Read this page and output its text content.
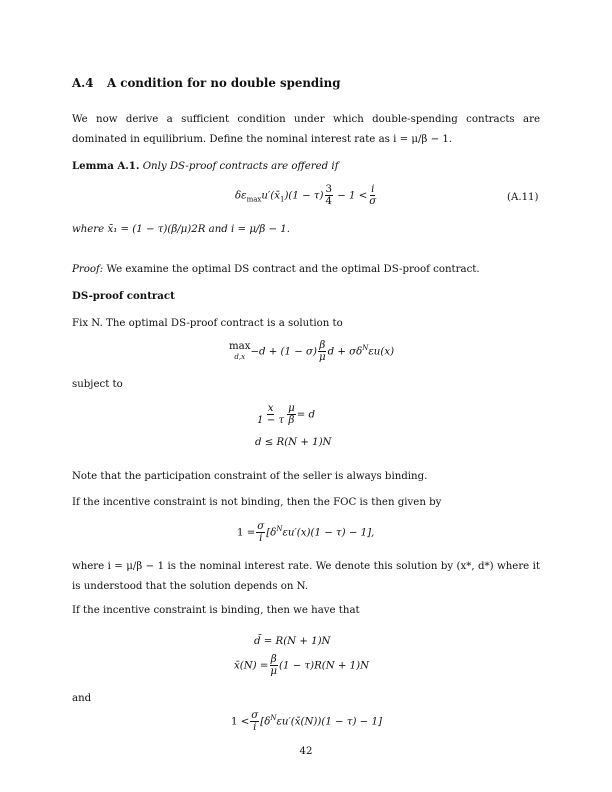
A.4 A condition for no double spending
We now derive a sufficient condition under which double-spending contracts are dominated in equilibrium. Define the nominal interest rate as i = μ/β − 1.
Lemma A.1. Only DS-proof contracts are offered if
$\delta\varepsilon_{max}u'(x̄_1)(1 - \tau) \frac{3}{4} - 1 < \frac{i}{\sigma}$	(A.11)
where x̄₁ = (1 − τ)(β/μ)2R and i = μ/β − 1.
Proof: We examine the optimal DS contract and the optimal DS-proof contract.
DS-proof contract
Fix N. The optimal DS-proof contract is a solution to
max
$d,x -d + (1 - \sigma) \frac{\beta}{\mu}$ $d + \sigma\delta^N\varepsilon u(x)$
subject to
$\frac{x}{1 - \tau} \frac{\mu}{\beta} = d$
d ≤ R(N + 1)N
Note that the participation constraint of the seller is always binding.
If the incentive constraint is not binding, then the FOC is then given by
$1 = \frac{\sigma}{i} [\delta^N\varepsilon u'(x)(1 - \tau) - 1]$,
where i = μ/β − 1 is the nominal interest rate. We denote this solution by (x*, d*) where it is understood that the solution depends on N.
If the incentive constraint is binding, then we have that
d̄ = R(N + 1)N
x̄(N) = $\frac{\beta}{\mu} (1 - \tau)R(N + 1)N$
and
$1 < \frac{\sigma}{i}$ $[\delta^N\varepsilon u'(x̄(N))(1 - \tau) - 1]$
42
